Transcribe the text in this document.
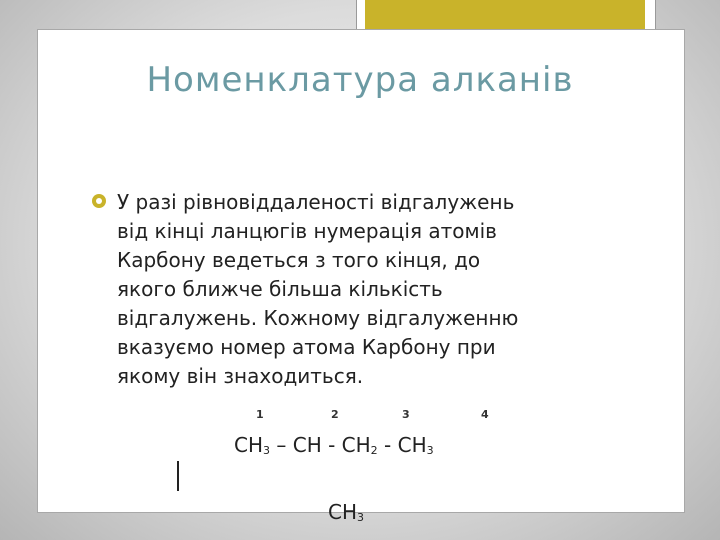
Номенклатура алканів
У разі рівновіддаленості відгалужень
від кінці ланцюгів нумерація атомів
Карбону ведеться з того кінця, до
якого ближче більша кількість
відгалужень. Кожному відгалуженню
вказуємо номер атома Карбону при
якому він знаходиться.
1	2	3	4
$CH_3$ – CH - $CH_2 - CH_3$
$CH_3$
